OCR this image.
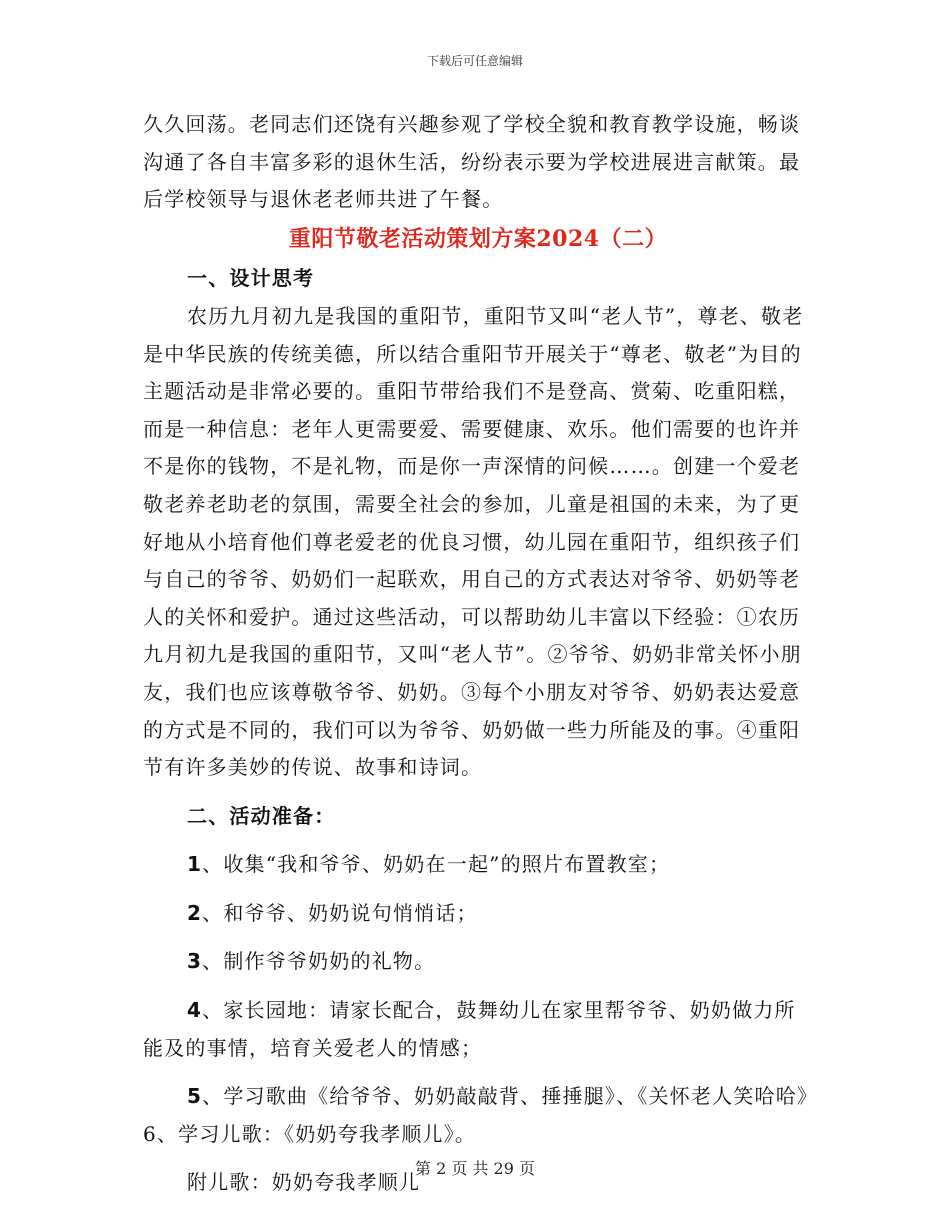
下载后可任意编辑

久久回荡。老同志们还饶有兴趣参观了学校全貌和教育教学设施，畅谈沟通了各自丰富多彩的退休生活，纷纷表示要为学校进展进言献策。最后学校领导与退休老老师共进了午餐。

重阳节敬老活动策划方案2024（二）

一、设计思考

农历九月初九是我国的重阳节，重阳节又叫“老人节”，尊老、敬老是中华民族的传统美德，所以结合重阳节开展关于“尊老、敬老”为目的主题活动是非常必要的。重阳节带给我们不是登高、赏菊、吃重阳糕，而是一种信息：老年人更需要爱、需要健康、欢乐。他们需要的也许并不是你的钱物，不是礼物，而是你一声深情的问候……。创建一个爱老敬老养老助老的氛围，需要全社会的参加，儿童是祖国的未来，为了更好地从小培育他们尊老爱老的优良习惯，幼儿园在重阳节，组织孩子们与自己的爷爷、奶奶们一起联欢，用自己的方式表达对爷爷、奶奶等老人的关怀和爱护。通过这些活动，可以帮助幼儿丰富以下经验：①农历九月初九是我国的重阳节，又叫“老人节”。②爷爷、奶奶非常关怀小朋友，我们也应该尊敬爷爷、奶奶。③每个小朋友对爷爷、奶奶表达爱意的方式是不同的，我们可以为爷爷、奶奶做一些力所能及的事。④重阳节有许多美妙的传说、故事和诗词。

二、活动准备：

1、收集“我和爷爷、奶奶在一起”的照片布置教室；

2、和爷爷、奶奶说句悄悄话；

3、制作爷爷奶奶的礼物。

4、家长园地：请家长配合，鼓舞幼儿在家里帮爷爷、奶奶做力所能及的事情，培育关爱老人的情感；

5、学习歌曲《给爷爷、奶奶敲敲背、捶捶腿》、《关怀老人笑哈哈》6、学习儿歌：《奶奶夸我孝顺儿》。

附儿歌：奶奶夸我孝顺儿

第 2 页 共 29 页
